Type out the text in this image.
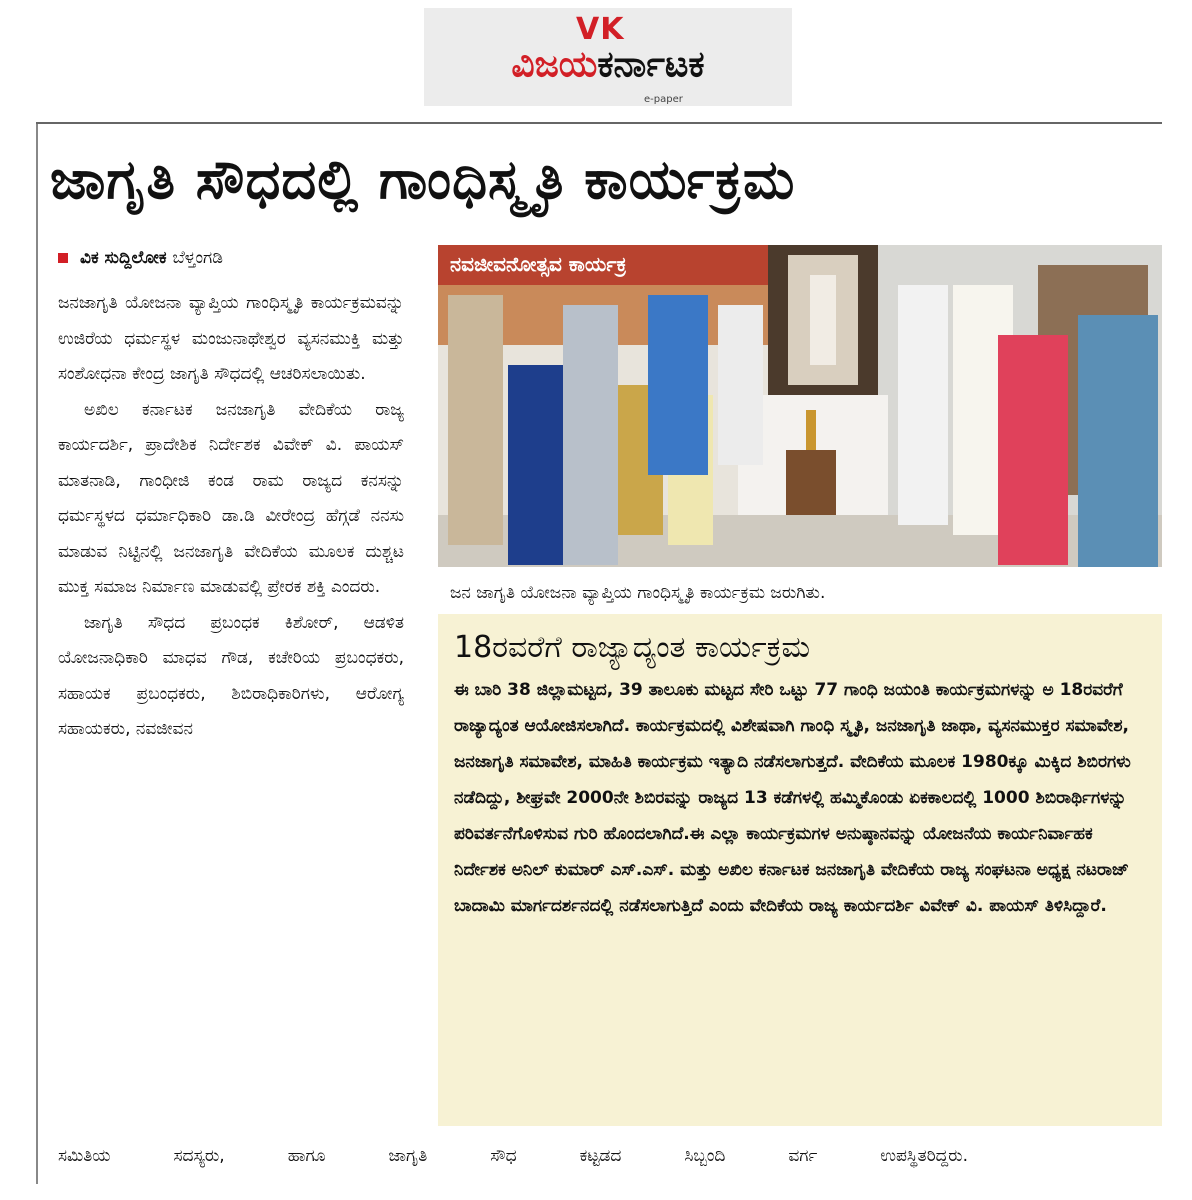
VK
ವಿಜಯಕರ್ನಾಟಕ
e-paper
ಜಾಗೃತಿ ಸೌಧದಲ್ಲಿ ಗಾಂಧಿಸ್ಮೃತಿ ಕಾರ್ಯಕ್ರಮ
ವಿಕ ಸುದ್ದಿಲೋಕ ಬೆಳ್ತಂಗಡಿ

ಜನಜಾಗೃತಿ ಯೋಜನಾ ವ್ಯಾಪ್ತಿಯ ಗಾಂಧಿಸ್ಮೃತಿ ಕಾರ್ಯಕ್ರಮವನ್ನು ಉಜಿರೆಯ ಧರ್ಮಸ್ಥಳ ಮಂಜುನಾಥೇಶ್ವರ ವ್ಯಸನಮುಕ್ತಿ ಮತ್ತು ಸಂಶೋಧನಾ ಕೇಂದ್ರ ಜಾಗೃತಿ ಸೌಧದಲ್ಲಿ ಆಚರಿಸಲಾಯಿತು.

ಅಖಿಲ ಕರ್ನಾಟಕ ಜನಜಾಗೃತಿ ವೇದಿಕೆಯ ರಾಜ್ಯ ಕಾರ್ಯದರ್ಶಿ, ಪ್ರಾದೇಶಿಕ ನಿರ್ದೇಶಕ ವಿವೇಕ್ ವಿ. ಪಾಯಸ್ ಮಾತನಾಡಿ, ಗಾಂಧೀಜಿ ಕಂಡ ರಾಮ ರಾಜ್ಯದ ಕನಸನ್ನು ಧರ್ಮಸ್ಥಳದ ಧರ್ಮಾಧಿಕಾರಿ ಡಾ.ಡಿ ವೀರೇಂದ್ರ ಹೆಗ್ಗಡೆ ನನಸು ಮಾಡುವ ನಿಟ್ಟಿನಲ್ಲಿ ಜನಜಾಗೃತಿ ವೇದಿಕೆಯ ಮೂಲಕ ದುಶ್ಚಟ ಮುಕ್ತ ಸಮಾಜ ನಿರ್ಮಾಣ ಮಾಡುವಲ್ಲಿ ಪ್ರೇರಕ ಶಕ್ತಿ ಎಂದರು.

ಜಾಗೃತಿ ಸೌಧದ ಪ್ರಬಂಧಕ ಕಿಶೋರ್, ಆಡಳಿತ ಯೋಜನಾಧಿಕಾರಿ ಮಾಧವ ಗೌಡ, ಕಚೇರಿಯ ಪ್ರಬಂಧಕರು, ಸಹಾಯಕ ಪ್ರಬಂಧಕರು, ಶಿಬಿರಾಧಿಕಾರಿಗಳು, ಆರೋಗ್ಯ ಸಹಾಯಕರು, ನವಜೀವನ

ಸಮಿತಿಯ ಸದಸ್ಯರು, ಹಾಗೂ ಜಾಗೃತಿ ಸೌಧ ಕಟ್ಟಡದ ಸಿಬ್ಬಂದಿ ವರ್ಗ ಉಪಸ್ಥಿತರಿದ್ದರು.
ನವಜೀವನೋತ್ಸವ ಕಾರ್ಯಕ್ರ
ಜನ ಜಾಗೃತಿ ಯೋಜನಾ ವ್ಯಾಪ್ತಿಯ ಗಾಂಧಿಸ್ಮೃತಿ ಕಾರ್ಯಕ್ರಮ ಜರುಗಿತು.
18ರವರೆಗೆ ರಾಜ್ಯಾದ್ಯಂತ ಕಾರ್ಯಕ್ರಮ

ಈ ಬಾರಿ 38 ಜಿಲ್ಲಾಮಟ್ಟದ, 39 ತಾಲೂಕು ಮಟ್ಟದ ಸೇರಿ ಒಟ್ಟು 77 ಗಾಂಧಿ ಜಯಂತಿ ಕಾರ್ಯಕ್ರಮಗಳನ್ನು ಅ 18ರವರೆಗೆ ರಾಜ್ಯಾದ್ಯಂತ ಆಯೋಜಿಸಲಾಗಿದೆ. ಕಾರ್ಯಕ್ರಮದಲ್ಲಿ ವಿಶೇಷವಾಗಿ ಗಾಂಧಿ ಸ್ಮೃತಿ, ಜನಜಾಗೃತಿ ಜಾಥಾ, ವ್ಯಸನಮುಕ್ತರ ಸಮಾವೇಶ, ಜನಜಾಗೃತಿ ಸಮಾವೇಶ, ಮಾಹಿತಿ ಕಾರ್ಯಕ್ರಮ ಇತ್ಯಾದಿ ನಡೆಸಲಾಗುತ್ತದೆ. ವೇದಿಕೆಯ ಮೂಲಕ 1980ಕ್ಕೂ ಮಿಕ್ಕಿದ ಶಿಬಿರಗಳು ನಡೆದಿದ್ದು, ಶೀಘ್ರವೇ 2000ನೇ ಶಿಬಿರವನ್ನು ರಾಜ್ಯದ 13 ಕಡೆಗಳಲ್ಲಿ ಹಮ್ಮಿಕೊಂಡು ಏಕಕಾಲದಲ್ಲಿ 1000 ಶಿಬಿರಾರ್ಥಿಗಳನ್ನು ಪರಿವರ್ತನೆಗೊಳಿಸುವ ಗುರಿ ಹೊಂದಲಾಗಿದೆ.ಈ ಎಲ್ಲಾ ಕಾರ್ಯಕ್ರಮಗಳ ಅನುಷ್ಠಾನವನ್ನು ಯೋಜನೆಯ ಕಾರ್ಯನಿರ್ವಾಹಕ ನಿರ್ದೇಶಕ ಅನಿಲ್ ಕುಮಾರ್ ಎಸ್.ಎಸ್. ಮತ್ತು ಅಖಿಲ ಕರ್ನಾಟಕ ಜನಜಾಗೃತಿ ವೇದಿಕೆಯ ರಾಜ್ಯ ಸಂಘಟನಾ ಅಧ್ಯಕ್ಷ ನಟರಾಜ್ ಬಾದಾಮಿ ಮಾರ್ಗದರ್ಶನದಲ್ಲಿ ನಡೆಸಲಾಗುತ್ತಿದೆ ಎಂದು ವೇದಿಕೆಯ ರಾಜ್ಯ ಕಾರ್ಯದರ್ಶಿ ವಿವೇಕ್ ವಿ. ಪಾಯಸ್ ತಿಳಿಸಿದ್ದಾರೆ.
